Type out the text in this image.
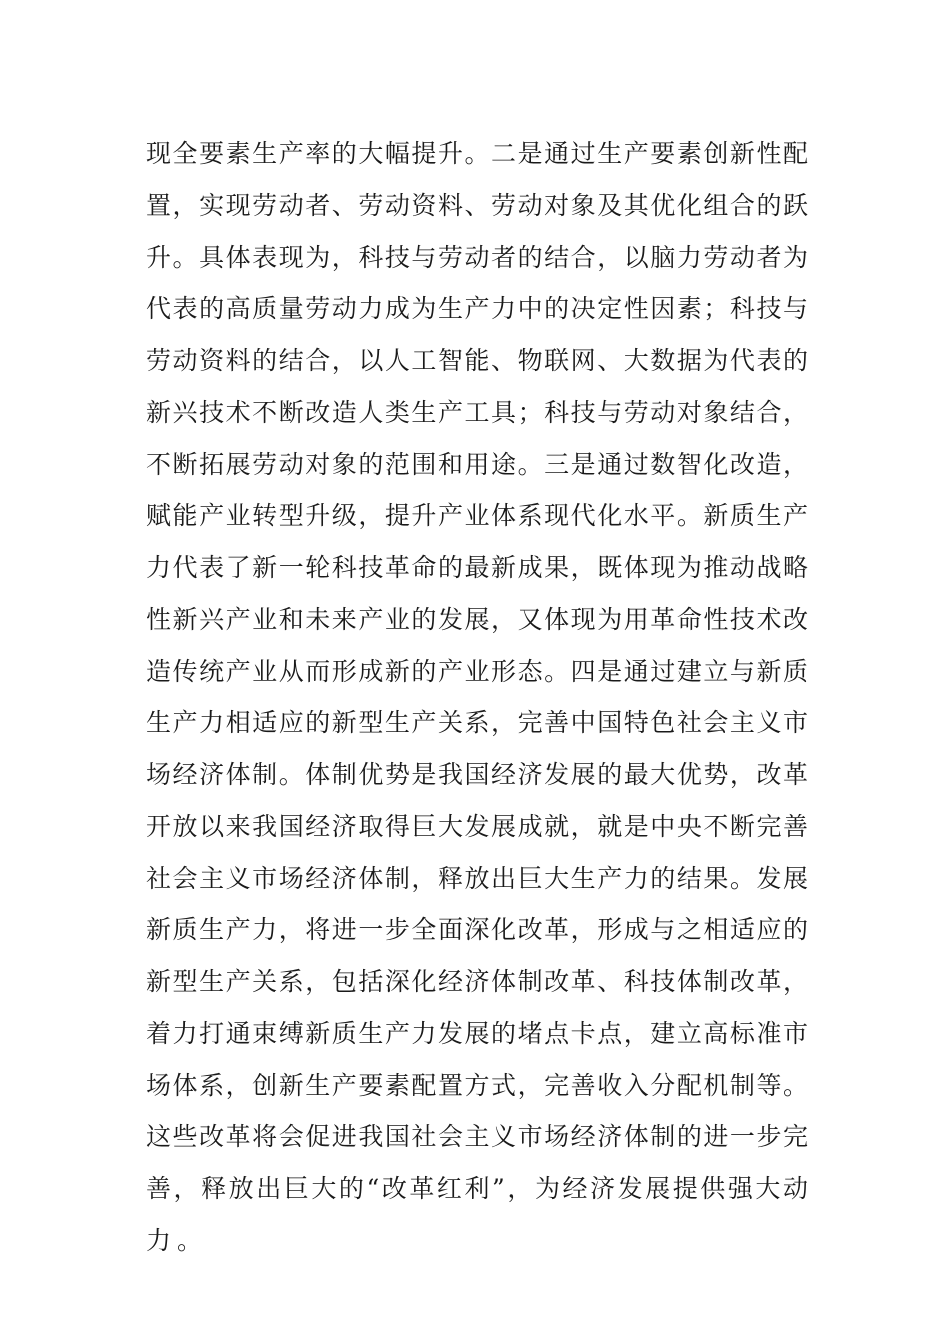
现全要素生产率的大幅提升。二是通过生产要素创新性配
置，实现劳动者、劳动资料、劳动对象及其优化组合的跃
升。具体表现为，科技与劳动者的结合，以脑力劳动者为
代表的高质量劳动力成为生产力中的决定性因素；科技与
劳动资料的结合，以人工智能、物联网、大数据为代表的
新兴技术不断改造人类生产工具；科技与劳动对象结合，
不断拓展劳动对象的范围和用途。三是通过数智化改造，
赋能产业转型升级，提升产业体系现代化水平。新质生产
力代表了新一轮科技革命的最新成果，既体现为推动战略
性新兴产业和未来产业的发展，又体现为用革命性技术改
造传统产业从而形成新的产业形态。四是通过建立与新质
生产力相适应的新型生产关系，完善中国特色社会主义市
场经济体制。体制优势是我国经济发展的最大优势，改革
开放以来我国经济取得巨大发展成就，就是中央不断完善
社会主义市场经济体制，释放出巨大生产力的结果。发展
新质生产力，将进一步全面深化改革，形成与之相适应的
新型生产关系，包括深化经济体制改革、科技体制改革，
着力打通束缚新质生产力发展的堵点卡点，建立高标准市
场体系，创新生产要素配置方式，完善收入分配机制等。
这些改革将会促进我国社会主义市场经济体制的进一步完
善，释放出巨大的“改革红利”，为经济发展提供强大动
力。
